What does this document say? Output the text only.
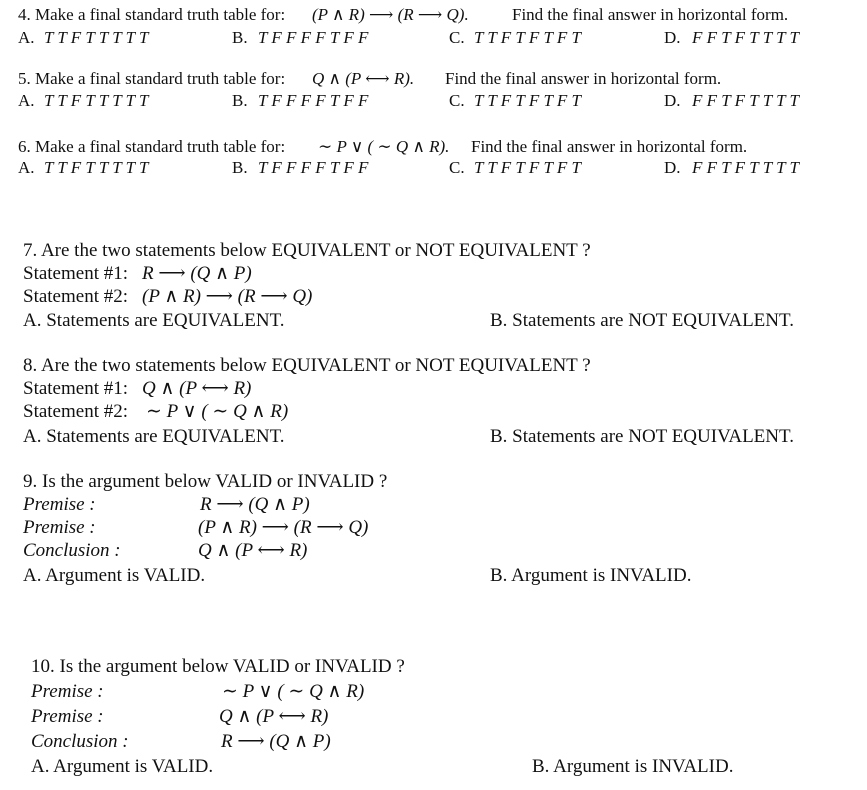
4. Make a final standard truth table for: (P ∧ R) ⟶ (R ⟶ Q).	Find the final answer in horizontal form.
A. T T F T T T T T	B. T F F F F T F F	C. T T F T F T F T	D. F F T F T T T T
5. Make a final standard truth table for: Q ∧ (P ⟷ R). Find the final answer in horizontal form.
A. T T F T T T T T	B. T F F F F T F F	C. T T F T F T F T	D. F F T F T T T T
6. Make a final standard truth table for: ∼ P ∨ ( ∼ Q ∧ R). Find the final answer in horizontal form.
A. T T F T T T T T	B. T F F F F T F F	C. T T F T F T F T	D. F F T F T T T T
7. Are the two statements below EQUIVALENT or NOT EQUIVALENT ?
Statement #1: R ⟶ (Q ∧ P)
Statement #2: (P ∧ R) ⟶ (R ⟶ Q)
A. Statements are EQUIVALENT.	B. Statements are NOT EQUIVALENT.
8. Are the two statements below EQUIVALENT or NOT EQUIVALENT ?
Statement #1: Q ∧ (P ⟷ R)
Statement #2: ∼ P ∨ ( ∼ Q ∧ R)
A. Statements are EQUIVALENT.	B. Statements are NOT EQUIVALENT.
9. Is the argument below VALID or INVALID ?
Premise :	R ⟶ (Q ∧ P)
Premise :	(P ∧ R) ⟶ (R ⟶ Q)
Conclusion :	Q ∧ (P ⟷ R)
A. Argument is VALID.	B. Argument is INVALID.
10. Is the argument below VALID or INVALID ?
Premise :	∼ P ∨ ( ∼ Q ∧ R)
Premise :	Q ∧ (P ⟷ R)
Conclusion :	R ⟶ (Q ∧ P)
A. Argument is VALID.	B. Argument is INVALID.
